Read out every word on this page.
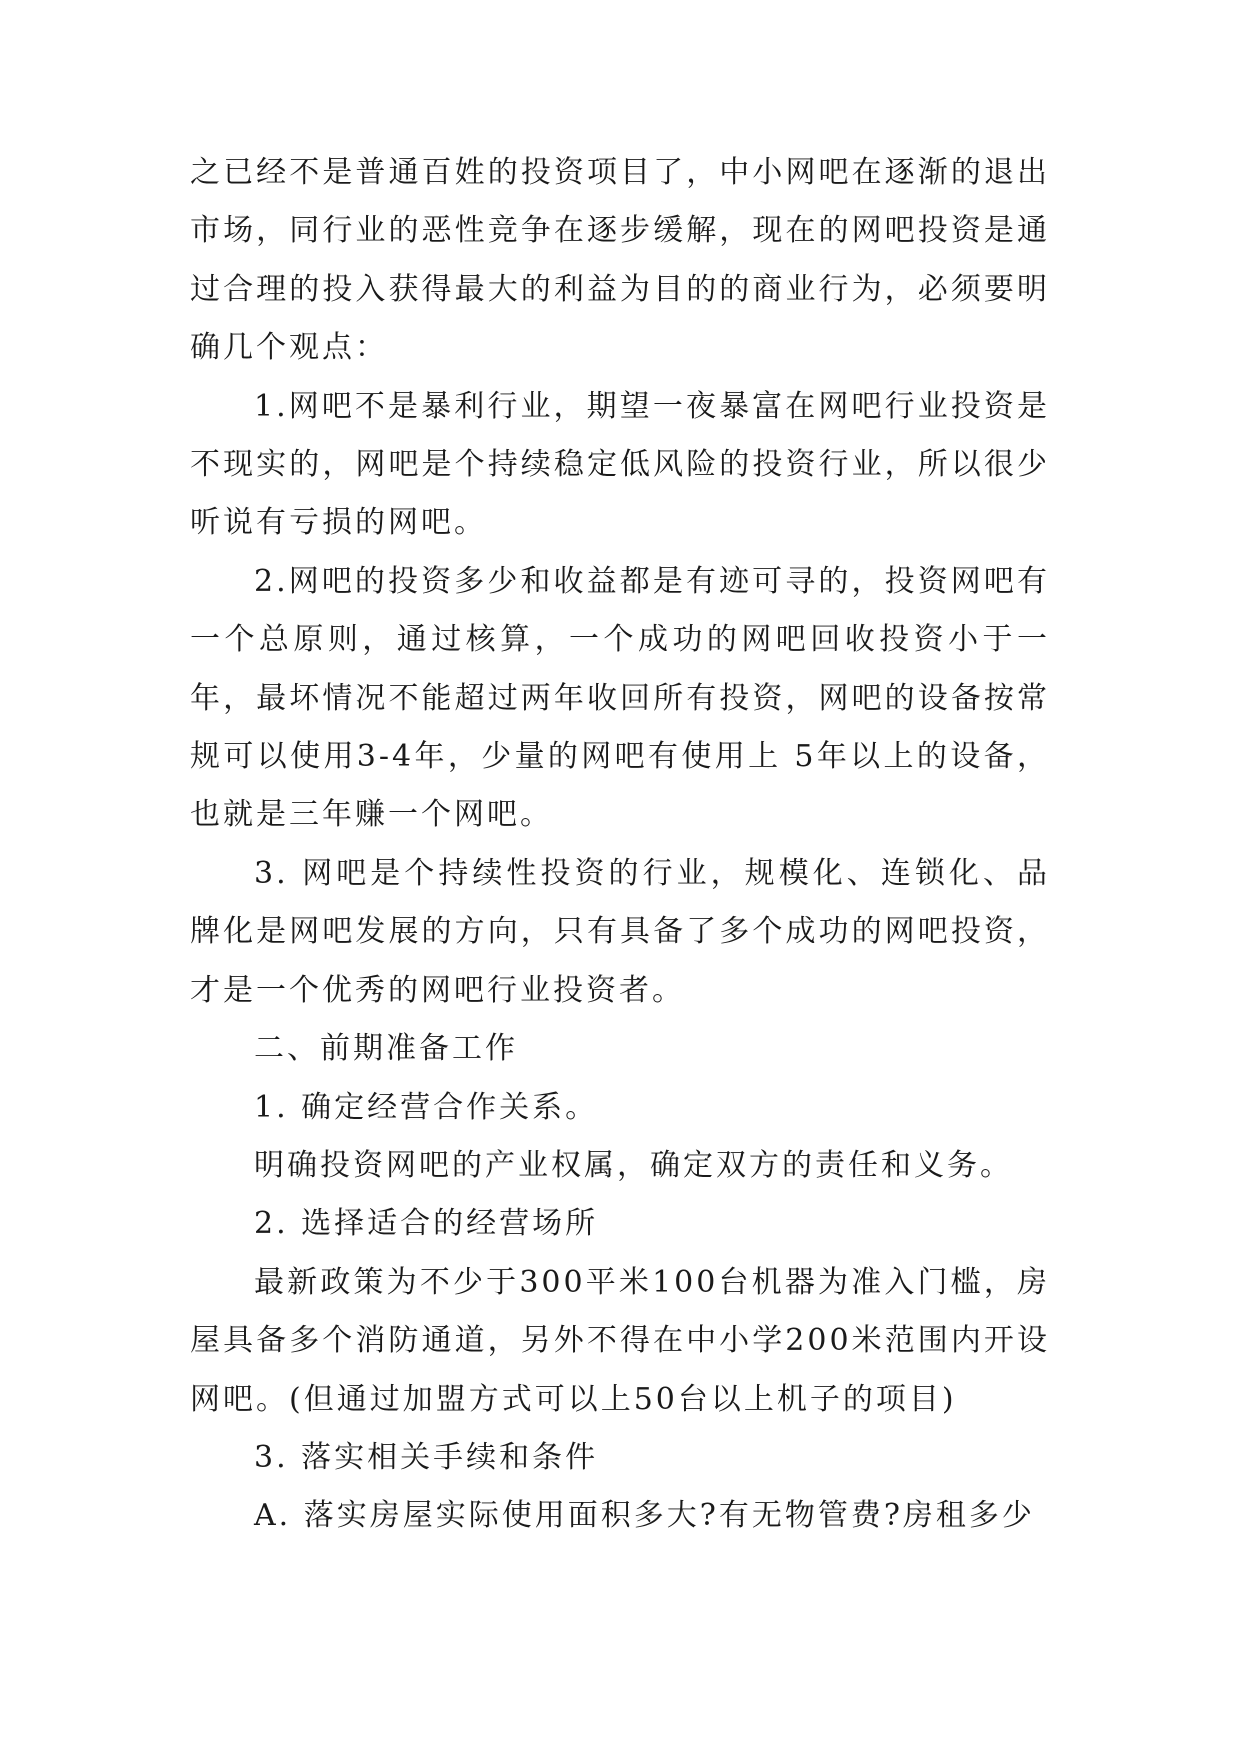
之已经不是普通百姓的投资项目了，中小网吧在逐渐的退出市场，同行业的恶性竞争在逐步缓解，现在的网吧投资是通过合理的投入获得最大的利益为目的的商业行为，必须要明确几个观点：

1.网吧不是暴利行业，期望一夜暴富在网吧行业投资是不现实的，网吧是个持续稳定低风险的投资行业，所以很少听说有亏损的网吧。

2.网吧的投资多少和收益都是有迹可寻的，投资网吧有一个总原则，通过核算，一个成功的网吧回收投资小于一年，最坏情况不能超过两年收回所有投资，网吧的设备按常规可以使用3-4年，少量的网吧有使用上 5年以上的设备，也就是三年赚一个网吧。

3. 网吧是个持续性投资的行业，规模化、连锁化、品牌化是网吧发展的方向，只有具备了多个成功的网吧投资，才是一个优秀的网吧行业投资者。

二、前期准备工作

1. 确定经营合作关系。

明确投资网吧的产业权属，确定双方的责任和义务。

2. 选择适合的经营场所

最新政策为不少于300平米100台机器为准入门槛，房屋具备多个消防通道，另外不得在中小学200米范围内开设网吧。(但通过加盟方式可以上50台以上机子的项目)

3. 落实相关手续和条件

A. 落实房屋实际使用面积多大?有无物管费?房租多少
